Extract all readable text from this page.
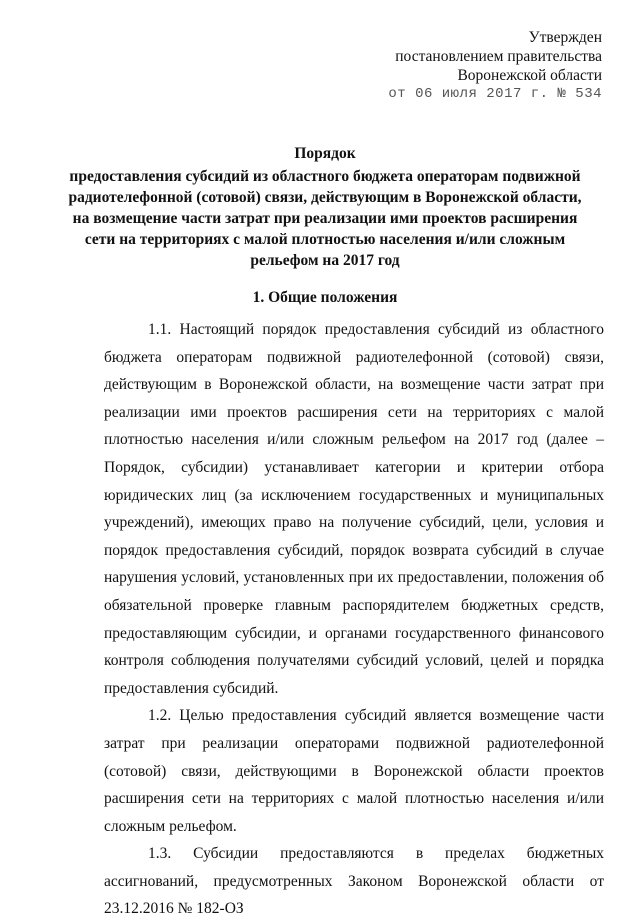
Утвержден
постановлением правительства
Воронежской области
от 06 июля 2017 г. № 534
Порядок
предоставления субсидий из областного бюджета операторам подвижной радиотелефонной (сотовой) связи, действующим в Воронежской области, на возмещение части затрат при реализации ими проектов расширения сети на территориях с малой плотностью населения и/или сложным рельефом на 2017 год
1. Общие положения

1.1. Настоящий порядок предоставления субсидий из областного бюджета операторам подвижной радиотелефонной (сотовой) связи, действующим в Воронежской области, на возмещение части затрат при реализации ими проектов расширения сети на территориях с малой плотностью населения и/или сложным рельефом на 2017 год (далее – Порядок, субсидии) устанавливает категории и критерии отбора юридических лиц (за исключением государственных и муниципальных учреждений), имеющих право на получение субсидий, цели, условия и порядок предоставления субсидий, порядок возврата субсидий в случае нарушения условий, установленных при их предоставлении, положения об обязательной проверке главным распорядителем бюджетных средств, предоставляющим субсидии, и органами государственного финансового контроля соблюдения получателями субсидий условий, целей и порядка предоставления субсидий.

1.2. Целью предоставления субсидий является возмещение части затрат при реализации операторами подвижной радиотелефонной (сотовой) связи, действующими в Воронежской области проектов расширения сети на территориях с малой плотностью населения и/или сложным рельефом.

1.3. Субсидии предоставляются в пределах бюджетных ассигнований, предусмотренных Законом Воронежской области от 23.12.2016 № 182-ОЗ
